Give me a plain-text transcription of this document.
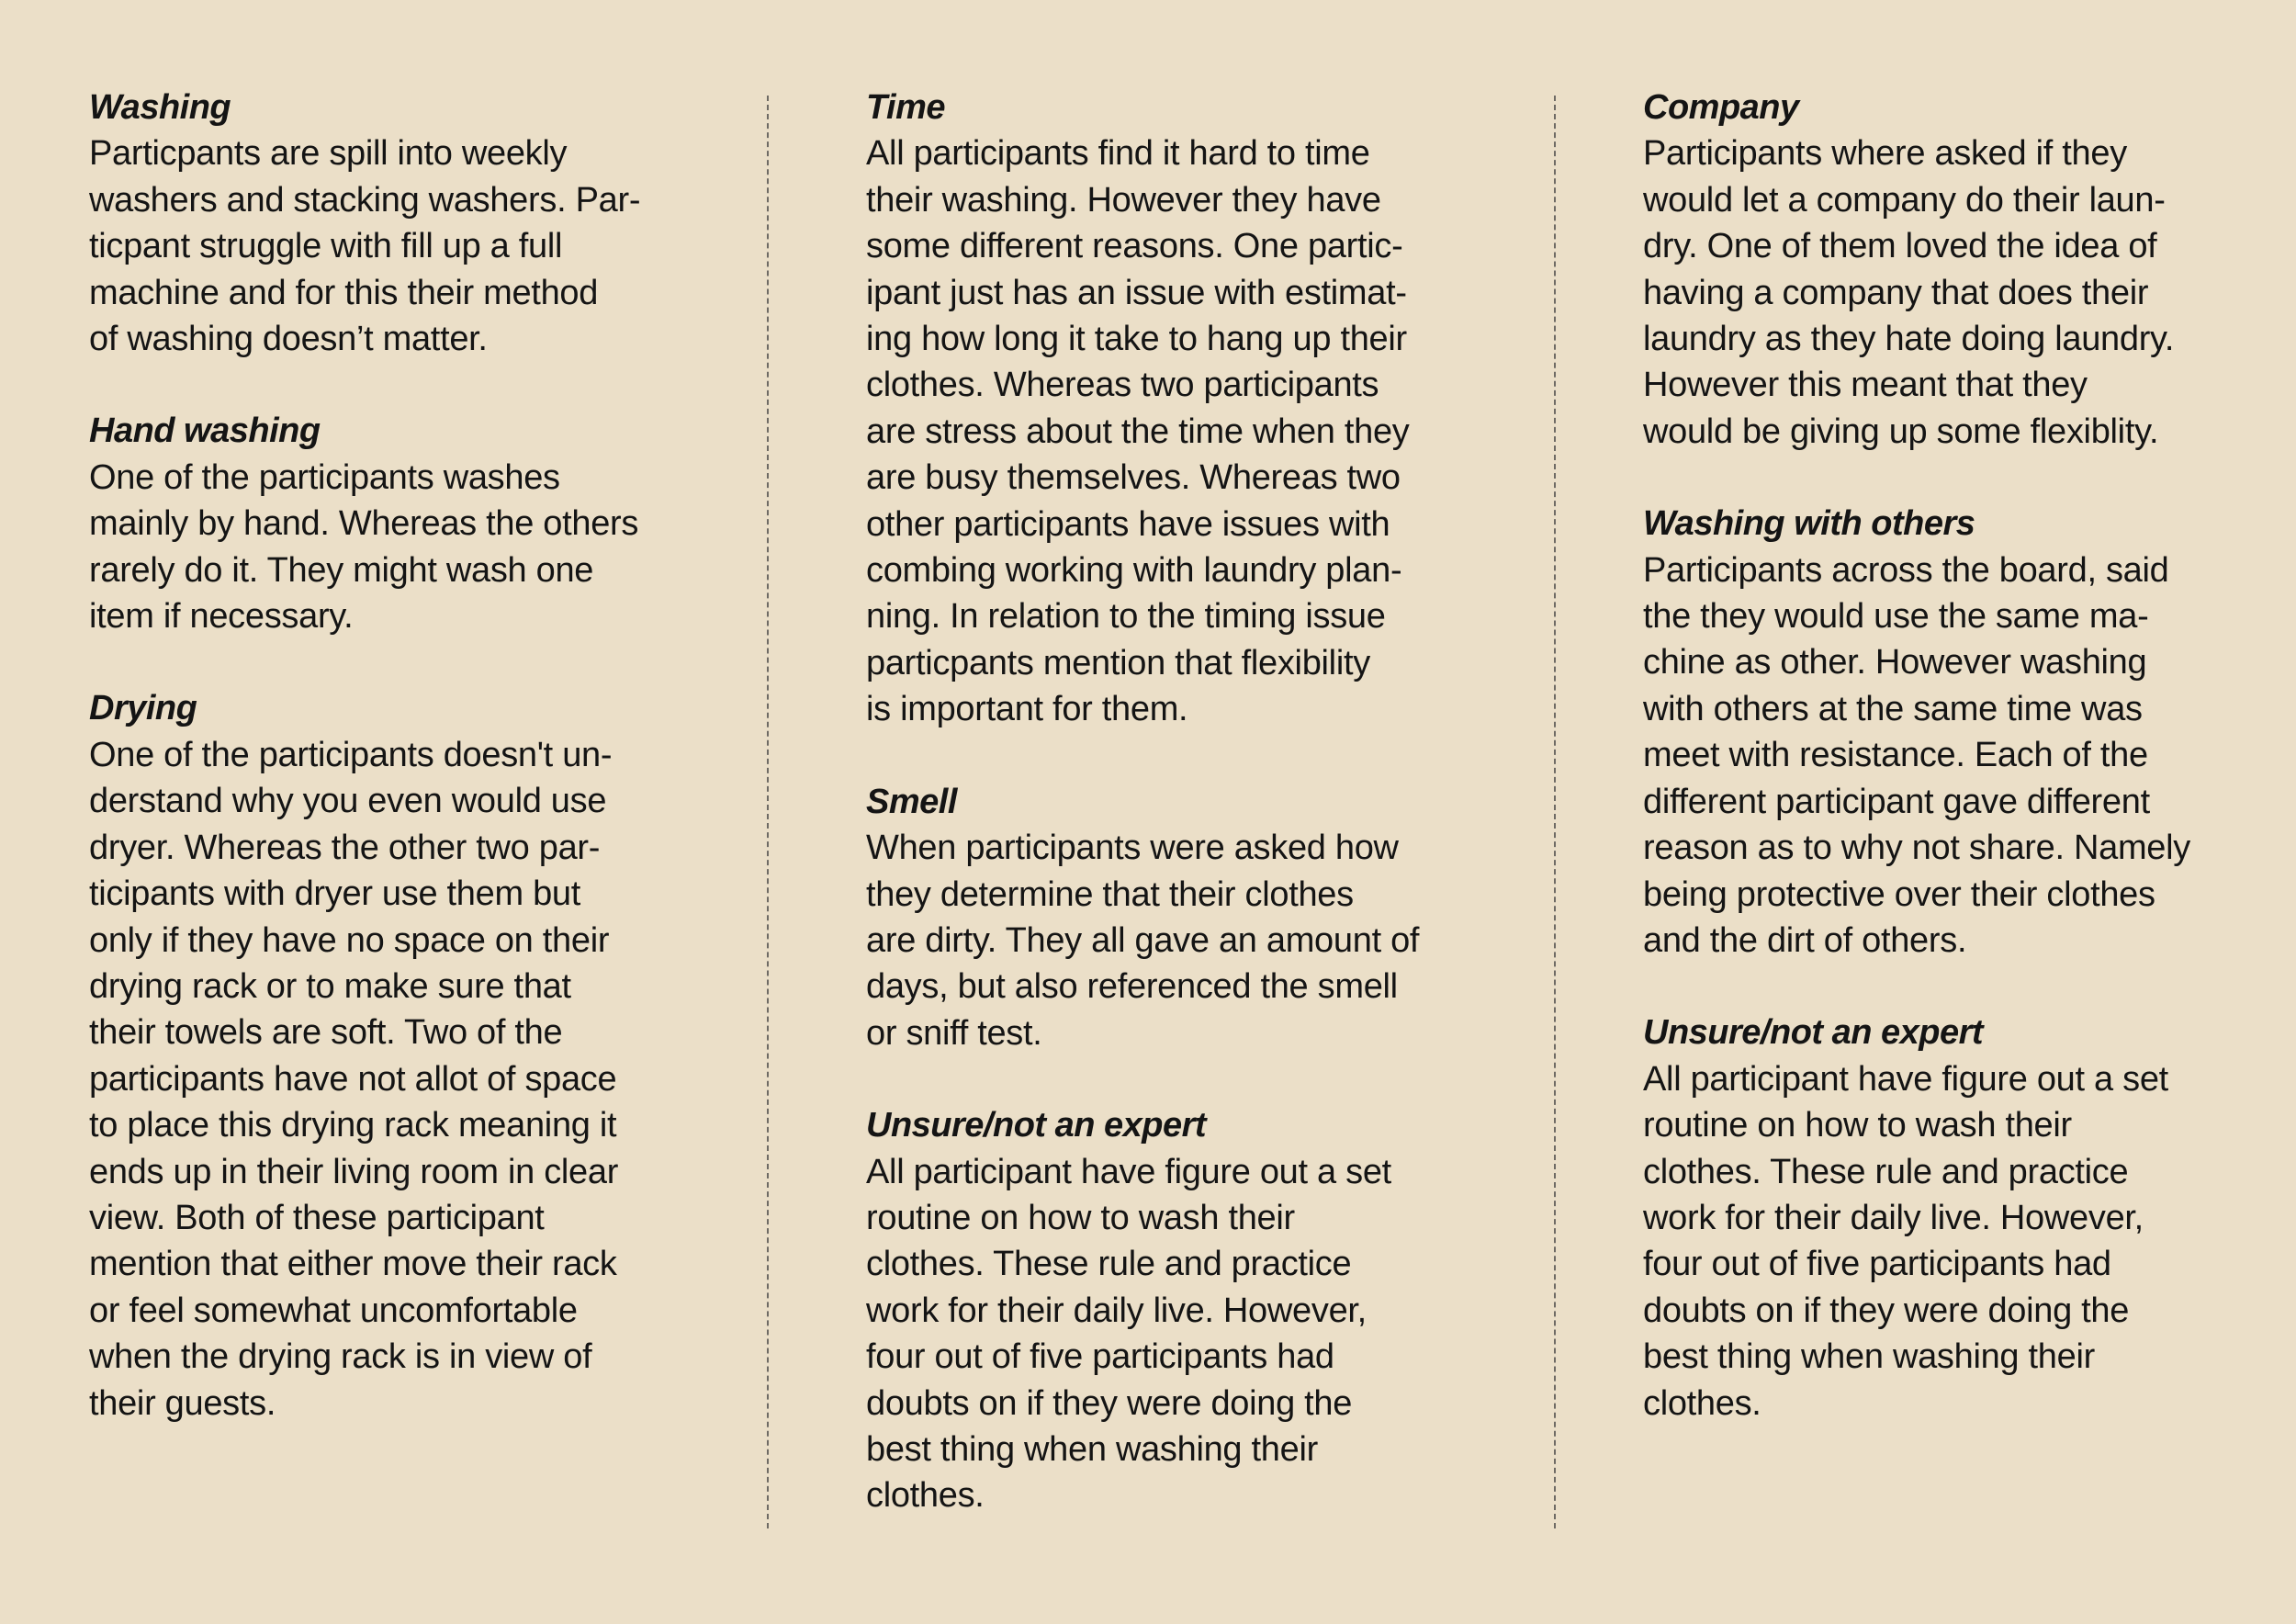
Washing

Particpants are spill into weekly
washers and stacking washers. Par-
ticpant struggle with fill up a full
machine and for this their method
of washing doesn’t matter.

Hand washing

One of the participants washes
mainly by hand. Whereas the others
rarely do it. They might wash one
item if necessary.

Drying

One of the participants doesn't un-
derstand why you even would use
dryer. Whereas the other two par-
ticipants with dryer use them but
only if they have no space on their
drying rack or to make sure that
their towels are soft. Two of the
participants have not allot of space
to place this drying rack meaning it
ends up in their living room in clear
view. Both of these participant
mention that either move their rack
or feel somewhat uncomfortable
when the drying rack is in view of
their guests.

Time

All participants find it hard to time
their washing. However they have
some different reasons. One partic-
ipant just has an issue with estimat-
ing how long it take to hang up their
clothes. Whereas two participants
are stress about the time when they
are busy themselves. Whereas two
other participants have issues with
combing working with laundry plan-
ning. In relation to the timing issue
particpants mention that flexibility
is important for them.

Smell

When participants were asked how
they determine that their clothes
are dirty. They all gave an amount of
days, but also referenced the smell
or sniff test.

Unsure/not an expert

All participant have figure out a set
routine on how to wash their
clothes. These rule and practice
work for their daily live. However,
four out of five participants had
doubts on if they were doing the
best thing when washing their
clothes.

Company

Participants where asked if they
would let a company do their laun-
dry. One of them loved the idea of
having a company that does their
laundry as they hate doing laundry.
However this meant that they
would be giving up some flexiblity.

Washing with others

Participants across the board, said
the they would use the same ma-
chine as other. However washing
with others at the same time was
meet with resistance. Each of the
different participant gave different
reason as to why not share. Namely
being protective over their clothes
and the dirt of others.

Unsure/not an expert

All participant have figure out a set
routine on how to wash their
clothes. These rule and practice
work for their daily live. However,
four out of five participants had
doubts on if they were doing the
best thing when washing their
clothes.
